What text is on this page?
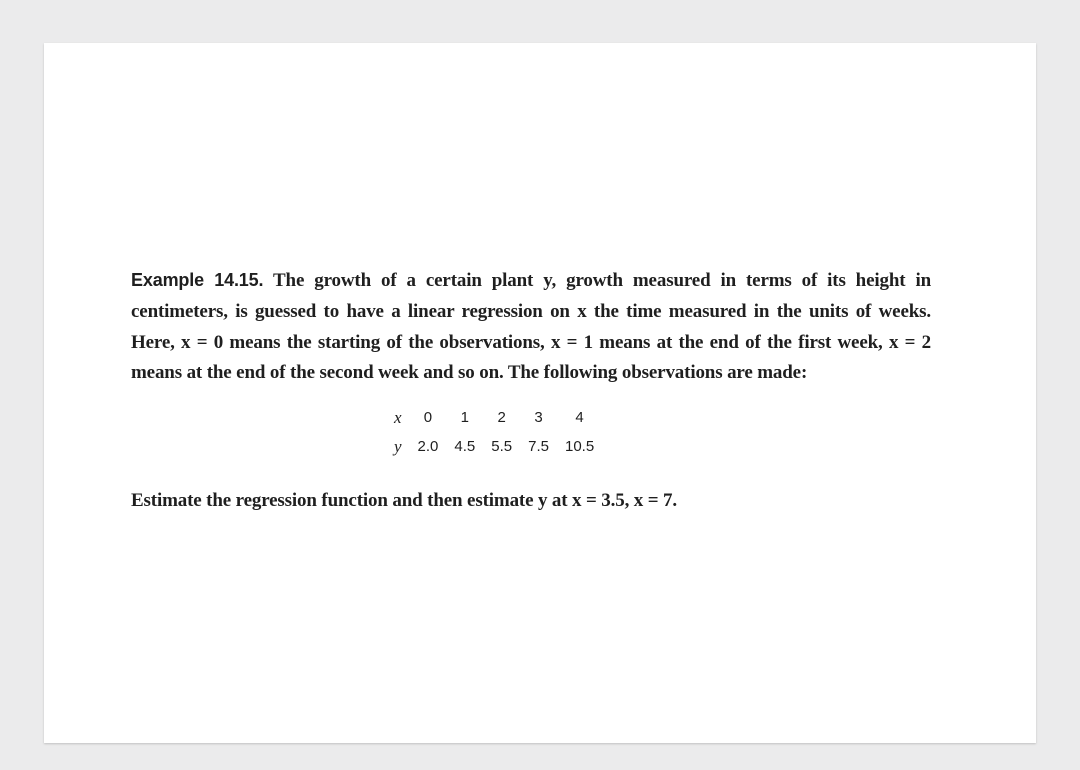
Example 14.15. The growth of a certain plant y, growth measured in terms of its height in centimeters, is guessed to have a linear regression on x the time measured in the units of weeks. Here, x = 0 means the starting of the observations, x = 1 means at the end of the first week, x = 2 means at the end of the second week and so on. The following observations are made:

x	0	1	2	3	4
y	2.0	4.5	5.5	7.5	10.5
Estimate the regression function and then estimate y at x = 3.5, x = 7.
